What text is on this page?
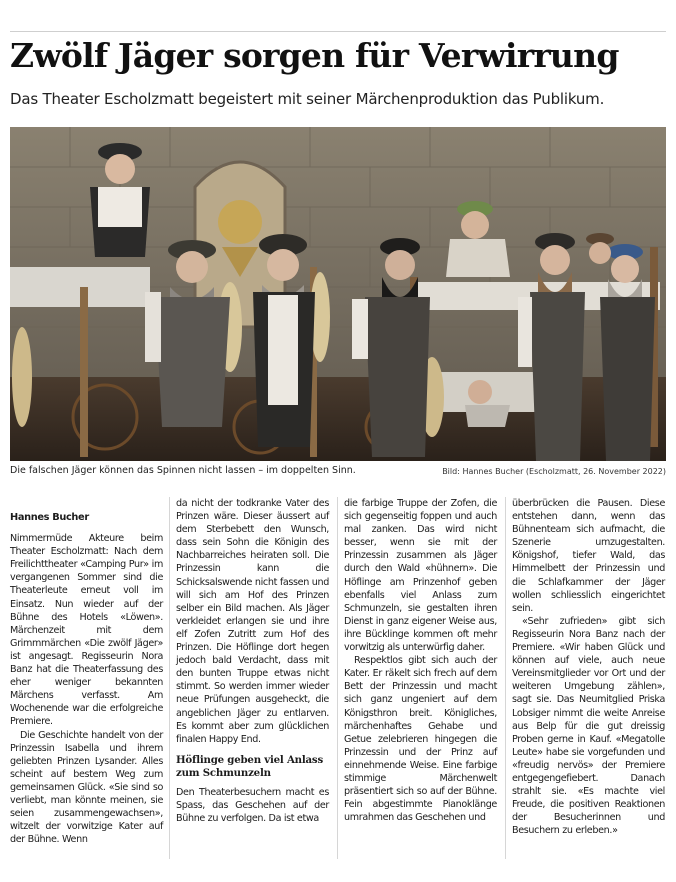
Zwölf Jäger sorgen für Verwirrung

Das Theater Escholzmatt begeistert mit seiner Märchenproduktion das Publikum.

Die falschen Jäger können das Spinnen nicht lassen – im doppelten Sinn.	Bild: Hannes Bucher (Escholzmatt, 26. November 2022)
Hannes Bucher

Nimmermüde Akteure beim Theater Escholzmatt: Nach dem Freilichttheater «Camping Pur» im vergangenen Sommer sind die Theaterleute erneut voll im Einsatz. Nun wieder auf der Bühne des Hotels «Löwen». Märchenzeit mit dem Grimmmärchen «Die zwölf Jäger» ist angesagt. Regisseurin Nora Banz hat die Theaterfassung des eher weniger bekannten Märchens verfasst. Am Wochenende war die erfolgreiche Premiere.

Die Geschichte handelt von der Prinzessin Isabella und ihrem geliebten Prinzen Lysander. Alles scheint auf bestem Weg zum gemeinsamen Glück. «Sie sind so verliebt, man könnte meinen, sie seien zusammengewachsen», witzelt der vorwitzige Kater auf der Bühne. Wenn

da nicht der todkranke Vater des Prinzen wäre. Dieser äussert auf dem Sterbebett den Wunsch, dass sein Sohn die Königin des Nachbarreiches heiraten soll. Die Prinzessin kann die Schicksalswende nicht fassen und will sich am Hof des Prinzen selber ein Bild machen. Als Jäger verkleidet erlangen sie und ihre elf Zofen Zutritt zum Hof des Prinzen. Die Höflinge dort hegen jedoch bald Verdacht, dass mit den bunten Truppe etwas nicht stimmt. So werden immer wieder neue Prüfungen ausgeheckt, die angeblichen Jäger zu entlarven. Es kommt aber zum glücklichen finalen Happy End.

Höflinge geben viel Anlass zum Schmunzeln

Den Theaterbesuchern macht es Spass, das Geschehen auf der Bühne zu verfolgen. Da ist etwa

die farbige Truppe der Zofen, die sich gegenseitig foppen und auch mal zanken. Das wird nicht besser, wenn sie mit der Prinzessin zusammen als Jäger durch den Wald «hühnern». Die Höflinge am Prinzenhof geben ebenfalls viel Anlass zum Schmunzeln, sie gestalten ihren Dienst in ganz eigener Weise aus, ihre Bücklinge kommen oft mehr vorwitzig als unterwürfig daher.

Respektlos gibt sich auch der Kater. Er räkelt sich frech auf dem Bett der Prinzessin und macht sich ganz ungeniert auf dem Königsthron breit. Königliches, märchenhaftes Gehabe und Getue zelebrieren hingegen die Prinzessin und der Prinz auf einnehmende Weise. Eine farbige stimmige Märchenwelt präsentiert sich so auf der Bühne. Fein abgestimmte Pianoklänge umrahmen das Geschehen und

überbrücken die Pausen. Diese entstehen dann, wenn das Bühnenteam sich aufmacht, die Szenerie umzugestalten. Königshof, tiefer Wald, das Himmelbett der Prinzessin und die Schlafkammer der Jäger wollen schliesslich eingerichtet sein.

«Sehr zufrieden» gibt sich Regisseurin Nora Banz nach der Premiere. «Wir haben Glück und können auf viele, auch neue Vereinsmitglieder vor Ort und der weiteren Umgebung zählen», sagt sie. Das Neumitglied Priska Lobsiger nimmt die weite Anreise aus Belp für die gut dreissig Proben gerne in Kauf. «Megatolle Leute» habe sie vorgefunden und «freudig nervös» der Premiere entgegengefiebert. Danach strahlt sie. «Es machte viel Freude, die positiven Reaktionen der Besucherinnen und Besuchern zu erleben.»
